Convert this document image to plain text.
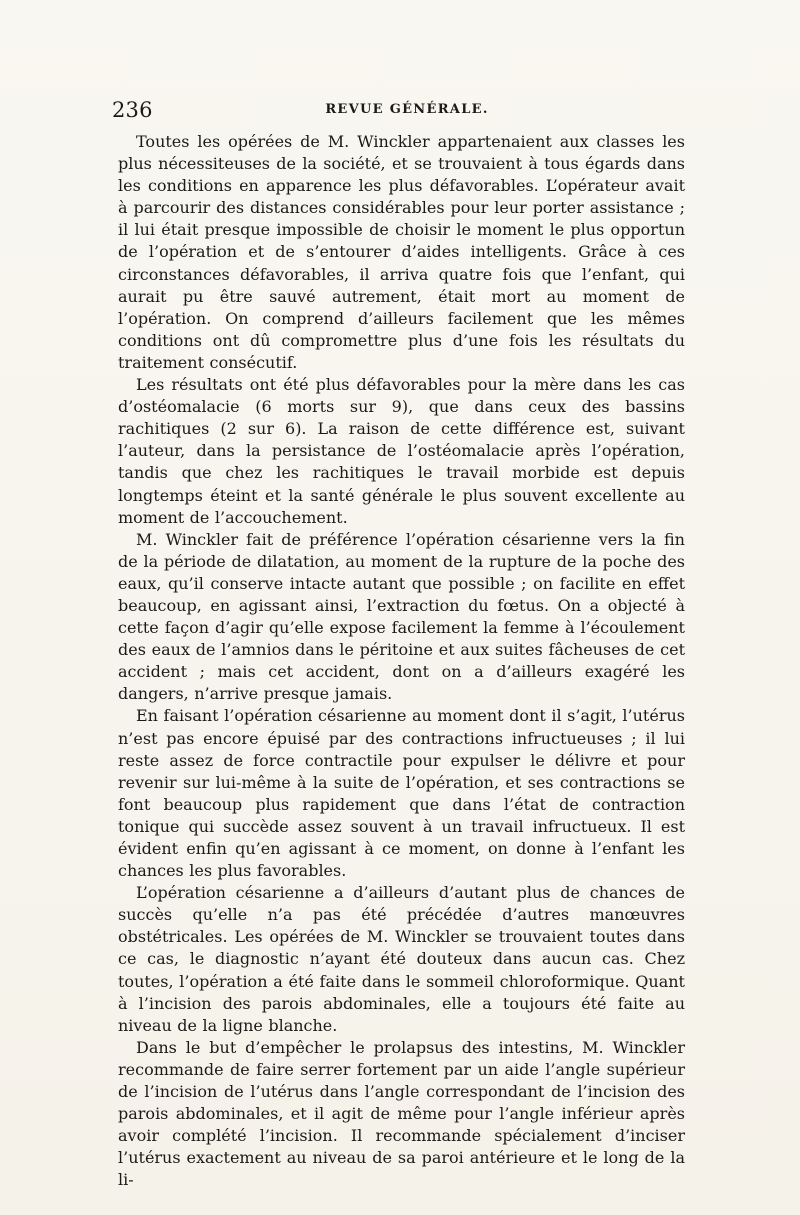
236	REVUE GÉNÉRALE.

Toutes les opérées de M. Winckler appartenaient aux classes les plus nécessiteuses de la société, et se trouvaient à tous égards dans les conditions en apparence les plus défavorables. L’opérateur avait à parcourir des distances considérables pour leur porter assistance ; il lui était presque impossible de choisir le moment le plus opportun de l’opération et de s’entourer d’aides intelligents. Grâce à ces circonstances défavorables, il arriva quatre fois que l’enfant, qui aurait pu être sauvé autrement, était mort au moment de l’opération. On comprend d’ailleurs facilement que les mêmes conditions ont dû compromettre plus d’une fois les résultats du traitement consécutif.

Les résultats ont été plus défavorables pour la mère dans les cas d’ostéomalacie (6 morts sur 9), que dans ceux des bassins rachitiques (2 sur 6). La raison de cette différence est, suivant l’auteur, dans la persistance de l’ostéomalacie après l’opération, tandis que chez les rachitiques le travail morbide est depuis longtemps éteint et la santé générale le plus souvent excellente au moment de l’accouchement.

M. Winckler fait de préférence l’opération césarienne vers la fin de la période de dilatation, au moment de la rupture de la poche des eaux, qu’il conserve intacte autant que possible ; on facilite en effet beaucoup, en agissant ainsi, l’extraction du fœtus. On a objecté à cette façon d’agir qu’elle expose facilement la femme à l’écoulement des eaux de l’amnios dans le péritoine et aux suites fâcheuses de cet accident ; mais cet accident, dont on a d’ailleurs exagéré les dangers, n’arrive presque jamais.

En faisant l’opération césarienne au moment dont il s’agit, l’utérus n’est pas encore épuisé par des contractions infructueuses ; il lui reste assez de force contractile pour expulser le délivre et pour revenir sur lui-même à la suite de l’opération, et ses contractions se font beaucoup plus rapidement que dans l’état de contraction tonique qui succède assez souvent à un travail infructueux. Il est évident enfin qu’en agissant à ce moment, on donne à l’enfant les chances les plus favorables.

L’opération césarienne a d’ailleurs d’autant plus de chances de succès qu’elle n’a pas été précédée d’autres manœuvres obstétricales. Les opérées de M. Winckler se trouvaient toutes dans ce cas, le diagnostic n’ayant été douteux dans aucun cas. Chez toutes, l’opération a été faite dans le sommeil chloroformique. Quant à l’incision des parois abdominales, elle a toujours été faite au niveau de la ligne blanche.

Dans le but d’empêcher le prolapsus des intestins, M. Winckler recommande de faire serrer fortement par un aide l’angle supérieur de l’incision de l’utérus dans l’angle correspondant de l’incision des parois abdominales, et il agit de même pour l’angle inférieur après avoir complété l’incision. Il recommande spécialement d’inciser l’utérus exactement au niveau de sa paroi antérieure et le long de la li-
